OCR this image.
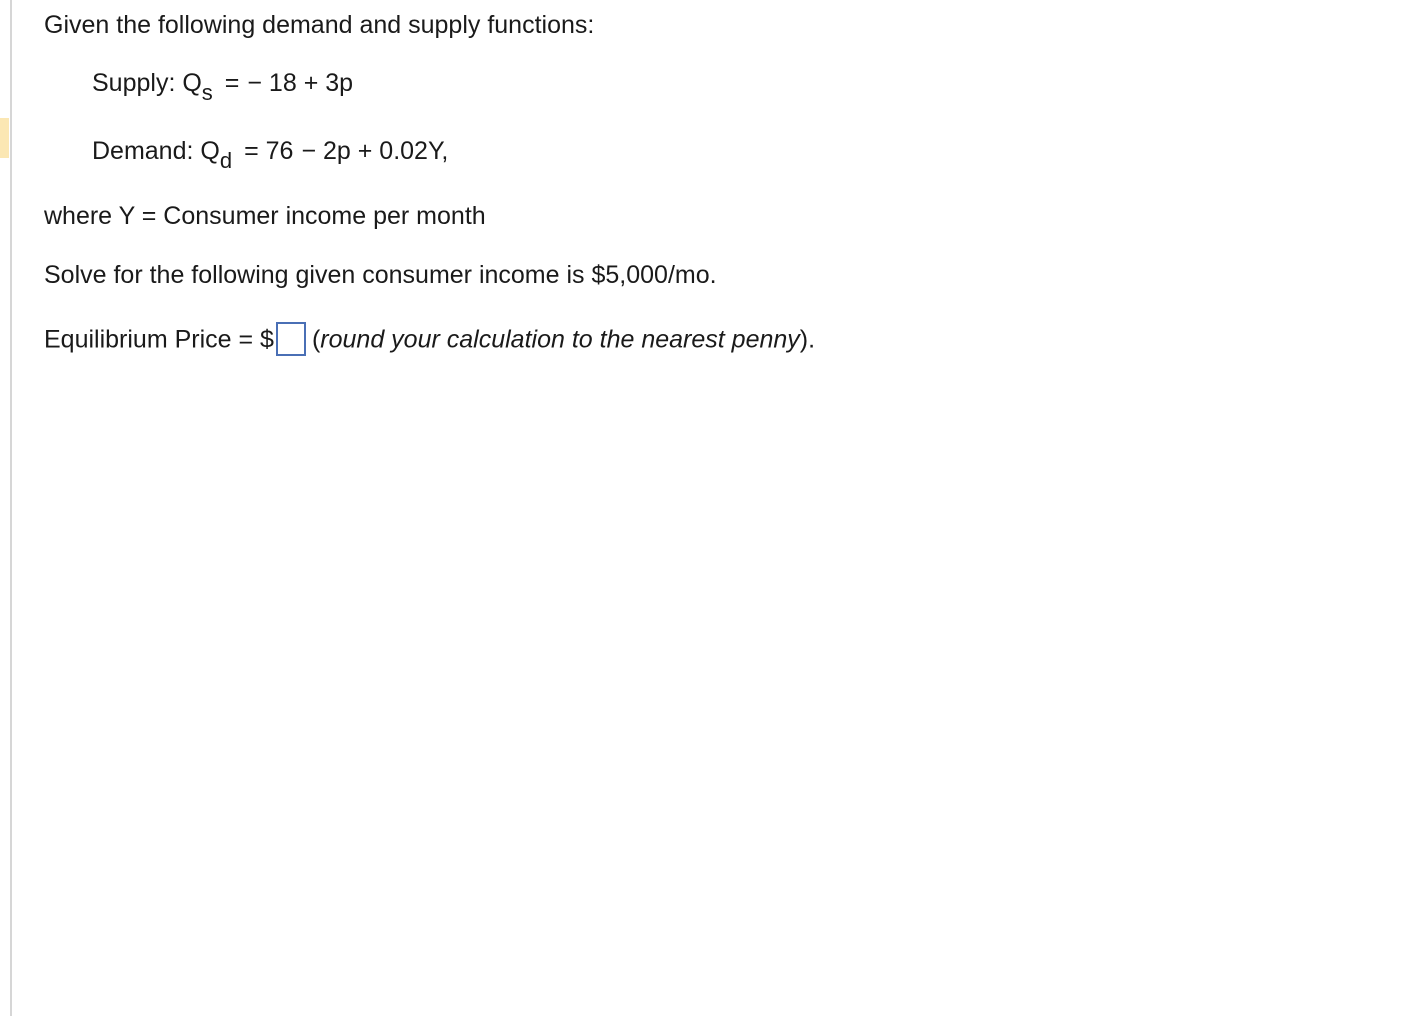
Given the following demand and supply functions:
Supply: Qs = − 18 + 3p
Demand: Qd = 76 − 2p + 0.02Y,
where Y = Consumer income per month
Solve for the following given consumer income is $5,000/mo.
Equilibrium Price = $ (round your calculation to the nearest penny).
